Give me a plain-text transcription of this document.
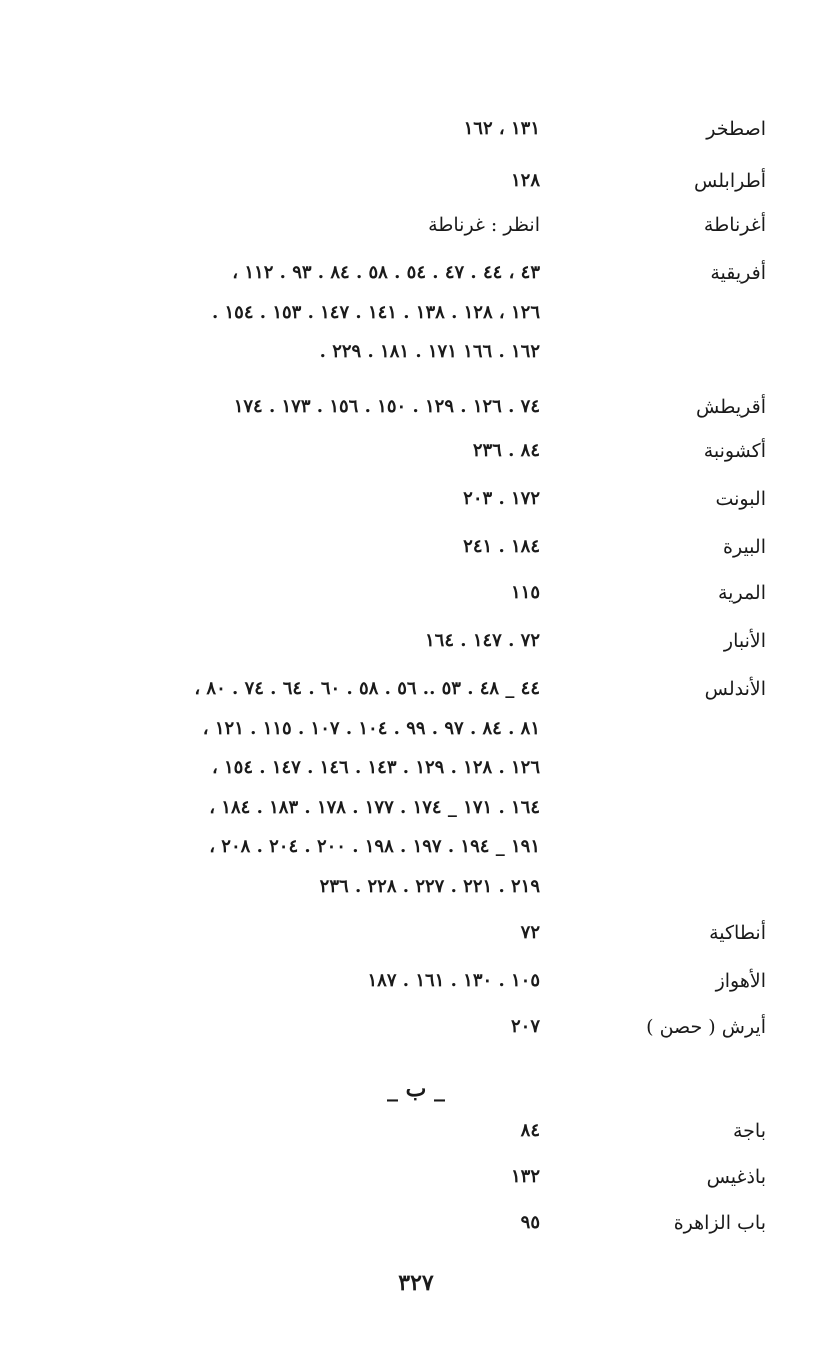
اصطخر
١٣١ ، ١٦٢
أطرابلس
١٢٨
أغرناطة
انظر : غرناطة
أفريقية
٤٣ ، ٤٤ . ٤٧ . ٥٤ . ٥٨ . ٨٤ . ٩٣ . ١١٢ ،
١٢٦ ، ١٢٨ . ١٣٨ . ١٤١ . ١٤٧ . ١٥٣ . ١٥٤ .
١٦٢ . ١٦٦ ١٧١ . ١٨١ . ٢٢٩ .
أقريطش
٧٤ . ١٢٦ . ١٢٩ . ١٥٠ . ١٥٦ . ١٧٣ . ١٧٤
أكشونبة
٨٤ . ٢٣٦
البونت
١٧٢ . ٢٠٣
البيرة
١٨٤ . ٢٤١
المرية
١١٥
الأنبار
٧٢ . ١٤٧ . ١٦٤
الأندلس
٤٤ _ ٤٨ . ٥٣ .. ٥٦ . ٥٨ . ٦٠ . ٦٤ . ٧٤ . ٨٠ ،
٨١ . ٨٤ . ٩٧ . ٩٩ . ١٠٤ . ١٠٧ . ١١٥ . ١٢١ ،
١٢٦ . ١٢٨ . ١٢٩ . ١٤٣ . ١٤٦ . ١٤٧ . ١٥٤ ،
١٦٤ . ١٧١ _ ١٧٤ . ١٧٧ . ١٧٨ . ١٨٣ . ١٨٤ ،
١٩١ _ ١٩٤ . ١٩٧ . ١٩٨ . ٢٠٠ . ٢٠٤ . ٢٠٨ ،
٢١٩ . ٢٢١ . ٢٢٧ . ٢٢٨ . ٢٣٦
أنطاكية
٧٢
الأهواز
١٠٥ . ١٣٠ . ١٦١ . ١٨٧
أيرش ( حصن )
٢٠٧
_ ب _
باجة
٨٤
باذغيس
١٣٢
باب الزاهرة
٩٥
٣٢٧
